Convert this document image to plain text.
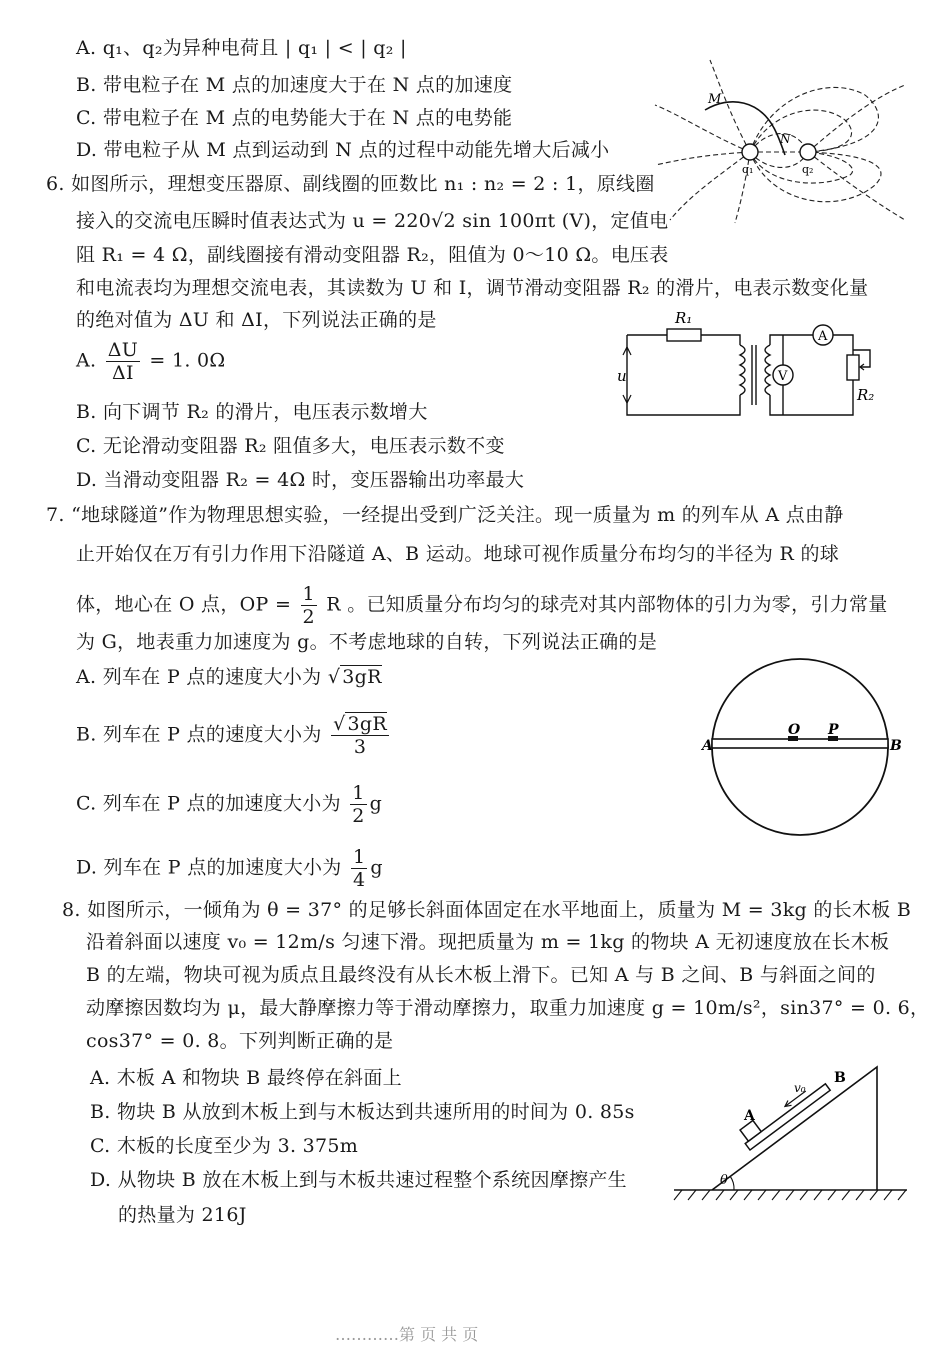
A. q₁、q₂为异种电荷且 | q₁ | < | q₂ |
B. 带电粒子在 M 点的加速度大于在 N 点的加速度
C. 带电粒子在 M 点的电势能大于在 N 点的电势能
D. 带电粒子从 M 点到运动到 N 点的过程中动能先增大后减小
M
N
q₁	q₂
6. 如图所示，理想变压器原、副线圈的匝数比 n₁ : n₂ = 2 : 1，原线圈
接入的交流电压瞬时值表达式为 u = 220√2 sin 100πt (V)，定值电
阻 R₁ = 4 Ω，副线圈接有滑动变阻器 R₂，阻值为 0～10 Ω。电压表
和电流表均为理想交流电表，其读数为 U 和 I，调节滑动变阻器 R₂ 的滑片，电表示数变化量
的绝对值为 ΔU 和 ΔI，下列说法正确的是
A. $\frac{\Delta U}{\Delta I} = 1$. 0Ω
B. 向下调节 R₂ 的滑片，电压表示数增大
C. 无论滑动变阻器 R₂ 阻值多大，电压表示数不变
D. 当滑动变阻器 R₂ = 4Ω 时，变压器输出功率最大
R₁
R₂
u
A
V
7. “地球隧道”作为物理思想实验，一经提出受到广泛关注。现一质量为 m 的列车从 A 点由静
止开始仅在万有引力作用下沿隧道 A、B 运动。地球可视作质量分布均匀的半径为 R 的球
体，地心在 O 点，OP = $\frac{1}{2}$ R 。已知质量分布均匀的球壳对其内部物体的引力为零，引力常量
为 G，地表重力加速度为 g。不考虑地球的自转，下列说法正确的是
A. 列车在 P 点的速度大小为 √ 3gR
B. 列车在 P 点的速度大小为 $\frac{√ 3gR}{3}$
C. 列车在 P 点的加速度大小为 $\frac{1}{2}$ g
D. 列车在 P 点的加速度大小为 $\frac{1}{4}$ g
A	B
O P
8. 如图所示，一倾角为 θ = 37° 的足够长斜面体固定在水平地面上，质量为 M = 3kg 的长木板 B
沿着斜面以速度 v₀ = 12m/s 匀速下滑。现把质量为 m = 1kg 的物块 A 无初速度放在长木板
B 的左端，物块可视为质点且最终没有从长木板上滑下。已知 A 与 B 之间、B 与斜面之间的
动摩擦因数均为 μ，最大静摩擦力等于滑动摩擦力，取重力加速度 g = 10m/s²，sin37° = 0. 6，
cos37° = 0. 8。下列判断正确的是
A. 木板 A 和物块 B 最终停在斜面上
B. 物块 B 从放到木板上到与木板达到共速所用的时间为 0. 85s
C. 木板的长度至少为 3. 375m
D. 从物块 B 放在木板上到与木板共速过程整个系统因摩擦产生
的热量为 216J
A
B
v₀
θ
…………第 页 共 页
